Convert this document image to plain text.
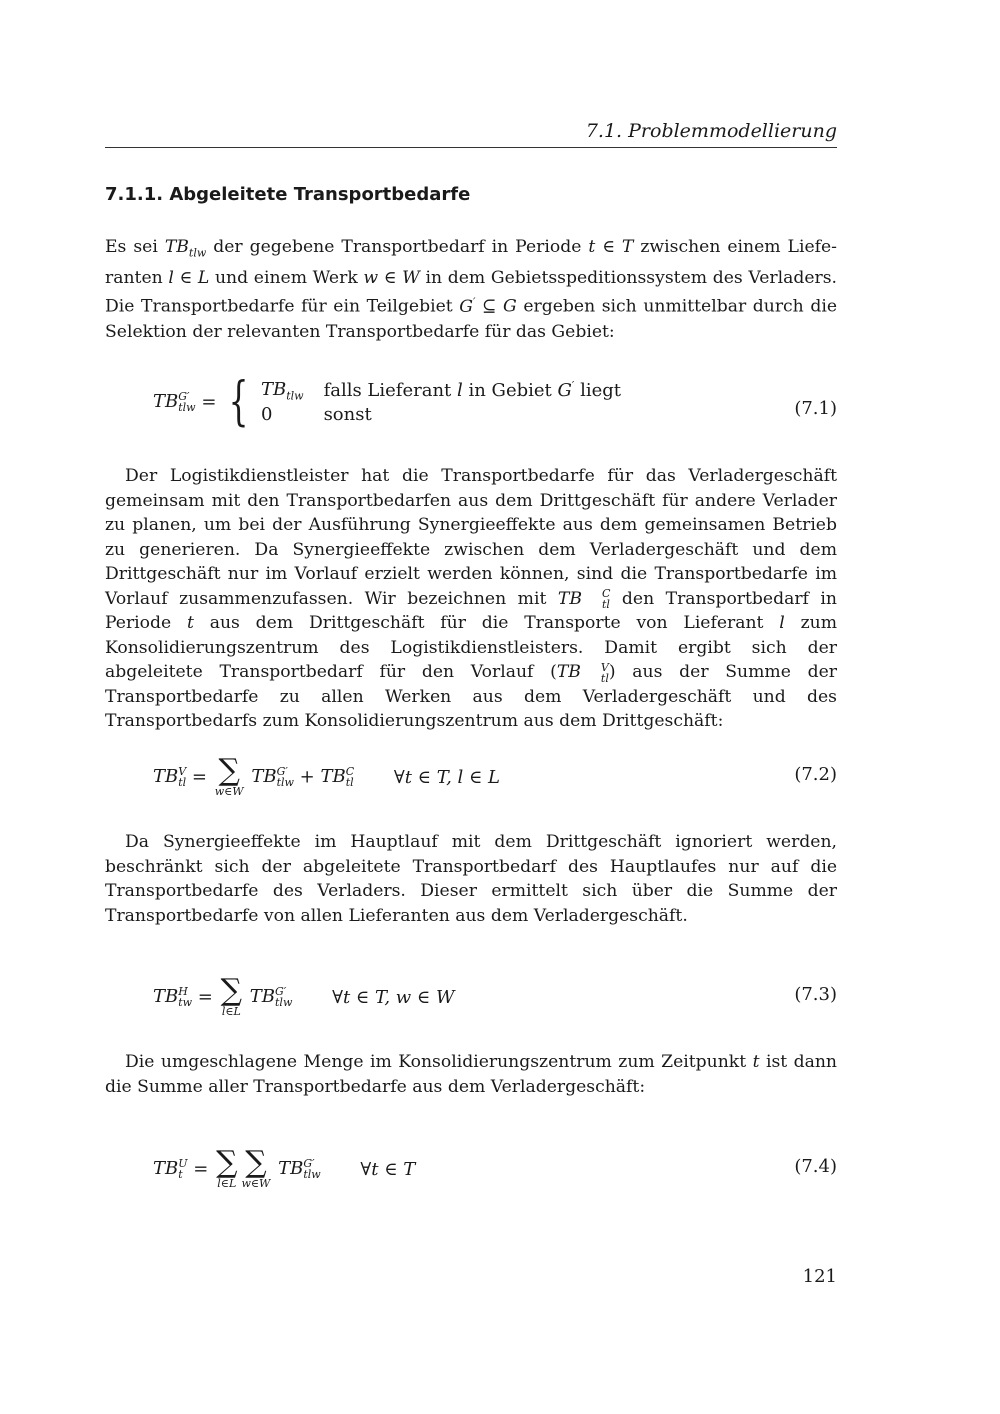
7.1. Problemmodellierung
7.1.1. Abgeleitete Transportbedarfe

Es sei $TB_{tlw}$ der gegebene Transportbedarf in Periode t ∈ T zwischen einem Lieferanten l ∈ L und einem Werk w ∈ W in dem Gebietsspeditionssystem des Verladers. Die Transportbedarfe für ein Teilgebiet G′ ⊆ G ergeben sich unmittelbar durch die Selektion der relevanten Transportbedarfe für das Gebiet:

TB G′
tlw = { $TB_{tlw}$ falls Lieferant l in Gebiet G′ liegt
0	sonst	(7.1)

Der Logistikdienstleister hat die Transportbedarfe für das Verladergeschäft gemeinsam mit den Transportbedarfen aus dem Drittgeschäft für andere Verlader zu planen, um bei der Ausführung Synergieeffekte aus dem gemeinsamen Betrieb zu generieren. Da Synergieeffekte zwischen dem Verladergeschäft und dem Drittgeschäft nur im Vorlauf erzielt werden können, sind die Transportbedarfe im Vorlauf zusammenzufassen. Wir bezeichnen mit TB	C
tl den Transportbedarf in Periode t aus dem Drittgeschäft für die Transporte von Lieferant l zum Konsolidierungszentrum des Logistikdienstleisters. Damit ergibt sich der abgeleitete Transportbedarf für den Vorlauf (TB	V
tl ) aus der Summe der Transportbedarfe zu allen Werken aus dem Verladergeschäft und des Transportbedarfs zum Konsolidierungszentrum aus dem Drittgeschäft:

TB V
tl = ∑
w∈W
TB G′
tlw + TB C
tl ∀t ∈ T, l ∈ L	(7.2)

Da Synergieeffekte im Hauptlauf mit dem Drittgeschäft ignoriert werden, beschränkt sich der abgeleitete Transportbedarf des Hauptlaufes nur auf die Transportbedarfe des Verladers. Dieser ermittelt sich über die Summe der Transportbedarfe von allen Lieferanten aus dem Verladergeschäft.

TB H
tw = ∑
l∈L
TB G′
tlw ∀t ∈ T, w ∈ W	(7.3)

Die umgeschlagene Menge im Konsolidierungszentrum zum Zeitpunkt t ist dann die Summe aller Transportbedarfe aus dem Verladergeschäft:

TB U
t = ∑
l∈L
∑
w∈W
TB G′
tlw ∀t ∈ T	(7.4)
121
